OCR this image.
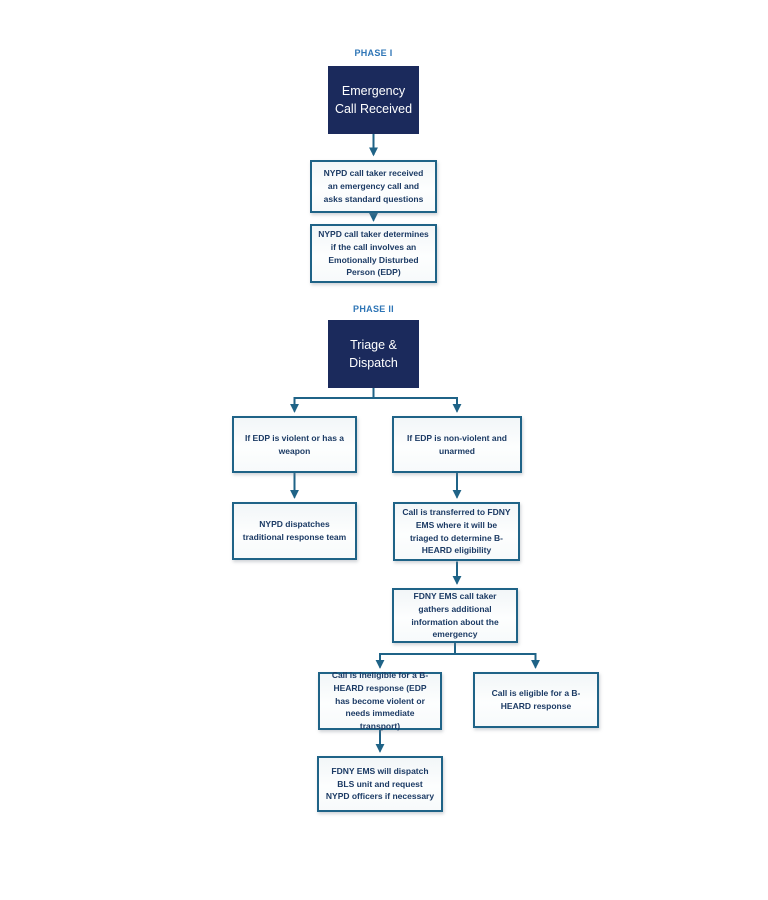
PHASE I
Emergency Call Received
NYPD call taker received an emergency call and asks standard questions
NYPD call taker determines if the call involves an Emotionally Disturbed Person (EDP)
PHASE II
Triage & Dispatch
If EDP is violent or has a weapon
NYPD dispatches traditional response team
If EDP is non-violent and unarmed
Call is transferred to FDNY EMS where it will be triaged to determine B-HEARD eligibility
FDNY EMS call taker gathers additional information about the emergency
Call is ineligible for a B-HEARD response (EDP has become violent or needs immediate transport)
Call is eligible for a B-HEARD response
FDNY EMS will dispatch BLS unit and request NYPD officers if necessary
